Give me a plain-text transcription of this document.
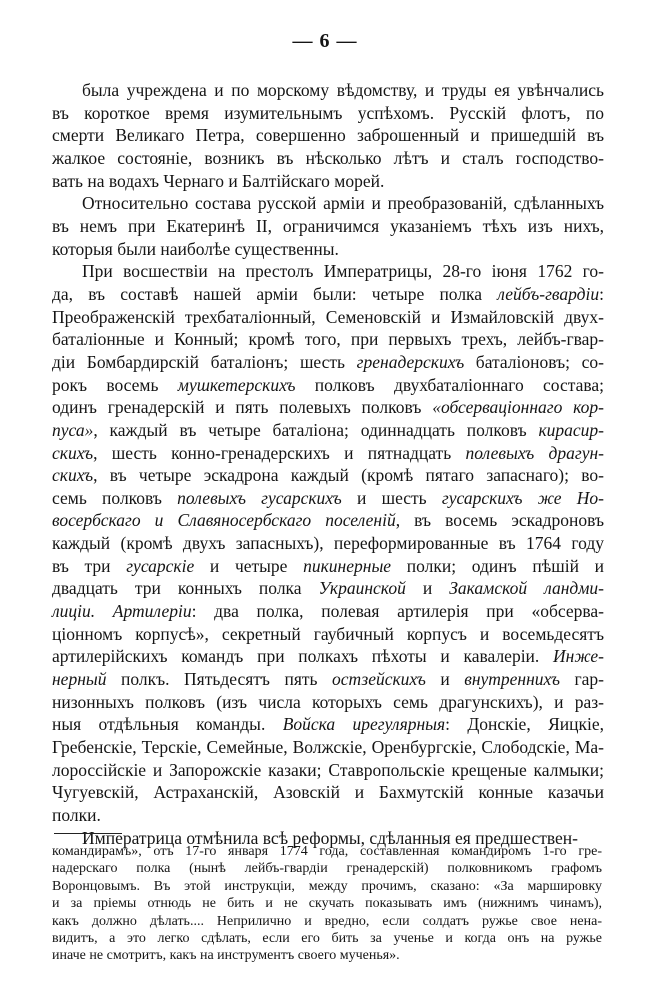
— 6 —
была учреждена и по морскому вѣдомству, и труды ея увѣнчались
въ короткое время изумительнымъ успѣхомъ. Русскій флотъ, по
смерти Великаго Петра, совершенно заброшенный и пришедшій въ
жалкое состояніе, возникъ въ нѣсколько лѣтъ и сталъ господство-
вать на водахъ Чернаго и Балтійскаго морей.
Относительно состава русской арміи и преобразованій, сдѣланныхъ
въ немъ при Екатеринѣ II, ограничимся указаніемъ тѣхъ изъ нихъ,
которыя были наиболѣе существенны.
При восшествіи на престолъ Императрицы, 28-го іюня 1762 го-
да, въ составѣ нашей арміи были: четыре полка лейбъ-гвардіи:
Преображенскій трехбаталіонный, Семеновскій и Измайловскій двух-
баталіонные и Конный; кромѣ того, при первыхъ трехъ, лейбъ-гвар-
діи Бомбардирскій баталіонъ; шесть гренадерскихъ баталіоновъ; со-
рокъ восемь мушкетерскихъ полковъ двухбаталіоннаго состава;
одинъ гренадерскій и пять полевыхъ полковъ «обсерваціоннаго кор-
пуса», каждый въ четыре баталіона; одиннадцать полковъ кирасир-
скихъ, шесть конно-гренадерскихъ и пятнадцать полевыхъ драгун-
скихъ, въ четыре эскадрона каждый (кромѣ пятаго запаснаго); во-
семь полковъ полевыхъ гусарскихъ и шесть гусарскихъ же Но-
восербскаго и Славяносербскаго поселеній, въ восемь эскадроновъ
каждый (кромѣ двухъ запасныхъ), переформированные въ 1764 году
въ три гусарскіе и четыре пикинерные полки; одинъ пѣшій и
двадцать три конныхъ полка Украинской и Закамской ландми-
лиціи. Артилеріи: два полка, полевая артилерія при «обсерва-
ціонномъ корпусѣ», секретный гаубичный корпусъ и восемьдесятъ
артилерійскихъ командъ при полкахъ пѣхоты и кавалеріи. Инже-
нерный полкъ. Пятьдесятъ пять остзейскихъ и внутреннихъ гар-
низонныхъ полковъ (изъ числа которыхъ семь драгунскихъ), и раз-
ныя отдѣльныя команды. Войска ирегулярныя: Донскіе, Яицкіе,
Гребенскіе, Терскіе, Семейные, Волжскіе, Оренбургскіе, Слободскіе, Ма-
лороссійскіе и Запорожскіе казаки; Ставропольскіе крещеные калмыки;
Чугуевскій, Астраханскій, Азовскій и Бахмутскій конные казачьи
полки.
Императрица отмѣнила всѣ реформы, сдѣланныя ея предшествен-
командирамъ», отъ 17-го января 1774 года, составленная командиромъ 1-го гре-
надерскаго полка (нынѣ лейбъ-гвардіи гренадерскій) полковникомъ графомъ
Воронцовымъ. Въ этой инструкціи, между прочимъ, сказано: «За маршировку
и за пріемы отнюдь не бить и не скучать показывать имъ (нижнимъ чинамъ),
какъ должно дѣлать.... Неприлично и вредно, если солдатъ ружье свое нена-
видитъ, а это легко сдѣлать, если его бить за ученье и когда онъ на ружье
иначе не смотритъ, какъ на инструментъ своего мученья».
